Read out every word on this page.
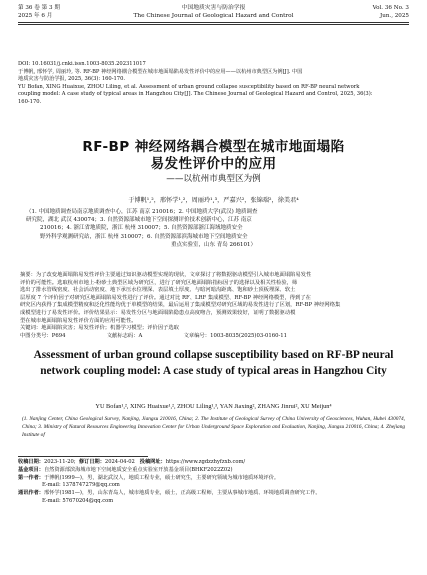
第 36 卷 第 3 期
2025 年 6 月
中国地质灾害与防治学报
The Chinese Journal of Geological Hazard and Control
Vol. 36 No. 3
Jun., 2025
DOI: 10.16031/j.cnki.issn.1003-8035.202311017
于博帆, 邢怀学, 周丽玲, 等. RF-BP 神经网络耦合模型在城市地面塌陷易发性评价中的应用——以杭州市典型区为例[J]. 中国
地质灾害与防治学报, 2025, 36(3): 160-170.
YU Bofan, XING Huaixue, ZHOU Liling, et al. Assessment of urban ground collapse susceptibility based on RF-BP neural network
coupling model: A case study of typical areas in Hangzhou City[J]. The Chinese Journal of Geological Hazard and Control, 2025, 36(3):
160-170.
RF-BP 神经网络耦合模型在城市地面塌陷
易发性评价中的应用
——以杭州市典型区为例
于博帆¹,²，邢怀学¹,²，周丽玲¹,³，严嘉兴²，张锦瑞²，徐美君⁴
（1. 中国地质调查局南京地质调查中心，江苏 南京 210016；2. 中国地质大学(武汉) 地质调查
研究院，湖北 武汉 430074；3. 自然资源部城市地下空间探测评价技术创新中心，江苏 南京
210016；4. 浙江省地质院，浙江 杭州 310007；5. 自然资源部浙江海域地质安全
野外科学观测研究站，浙江 杭州 310007；6. 自然资源部滨海城市地下空间地质安全
重点实验室，山东 青岛 266101）
摘要：为了改变地面塌陷易发性评价主要通过知识驱动模型实现的现状，文章探讨了将数据驱动模型引入城市地面塌陷易发性
评价的可能性。选取杭州市地上-粉砂土典型区域为研究区，进行了研究区地面塌陷指标因子的选择以及相关性检验，筛
选出了排水管线密度、社会活动密度、地下承压水位埋深、表层填土厚度、与暗河暗沟距离、饱和砂土顶板埋深、软土
层厚度 7 个评价因子对研究区地面塌陷易发性进行了评价。通过对比 RF、LRF 集成模型、RF-BP 神经网络模型，得到了在
研究区内获得了集成模型精度和泛化性能均优于单模型的结果，最后运用了集成模型对研究区域的易发性进行了区划，RF-BP 神经网络集
成模型进行了易发性评价。评价结果显示：易发性分区与地面塌陷隐患点高度吻合，预测效果较好，证明了数据驱动模
型在城市地面塌陷易发性评价方面的应用可能性。
关键词：地面塌陷灾害；易发性评价；机器学习模型；评价因子选取
中图分类号：P694	文献标志码：A	文章编号：1003-8035(2025)03-0160-11
Assessment of urban ground collapse susceptibility based on RF-BP neural network coupling model: A case study of typical areas in Hangzhou City
YU Bofan¹,², XING Huaixue¹,², ZHOU Liling¹,³, YAN Jiaxing², ZHANG Jinrui², XU Meijun⁴
(1. Nanjing Center, China Geological Survey, Nanjing, Jiangsu 210016, China; 2. The Institute of Geological Survey of China University of Geosciences, Wuhan, Hubei 430074, China; 3. Ministry of Natural Resources Engineering Innovation Center for Urban Underground Space Exploration and Evaluation, Nanjing, Jiangsu 210016, China; 4. Zhejiang Institute of
收稿日期：2023-11-20; 修订日期：2024-04-02 投稿网址：https://www.zgdzzhyfzxb.com/
基金项目：自然资源部滨海城市地下空间地质安全重点实验室开放基金项目(BHKF2022Z02)
第一作者：于博帆(1999—)，男，湖北武汉人，地质工程专业，硕士研究生，主要研究领域为城市地质环境评价。
E-mail: 1378747279@qq.com
通讯作者：邢怀学(1981—)，男，山东青岛人，城市地质专业，硕士，正高级工程师，主要从事城市地质、环境地质调查研究工作。
E-mail: 57670204@qq.com
